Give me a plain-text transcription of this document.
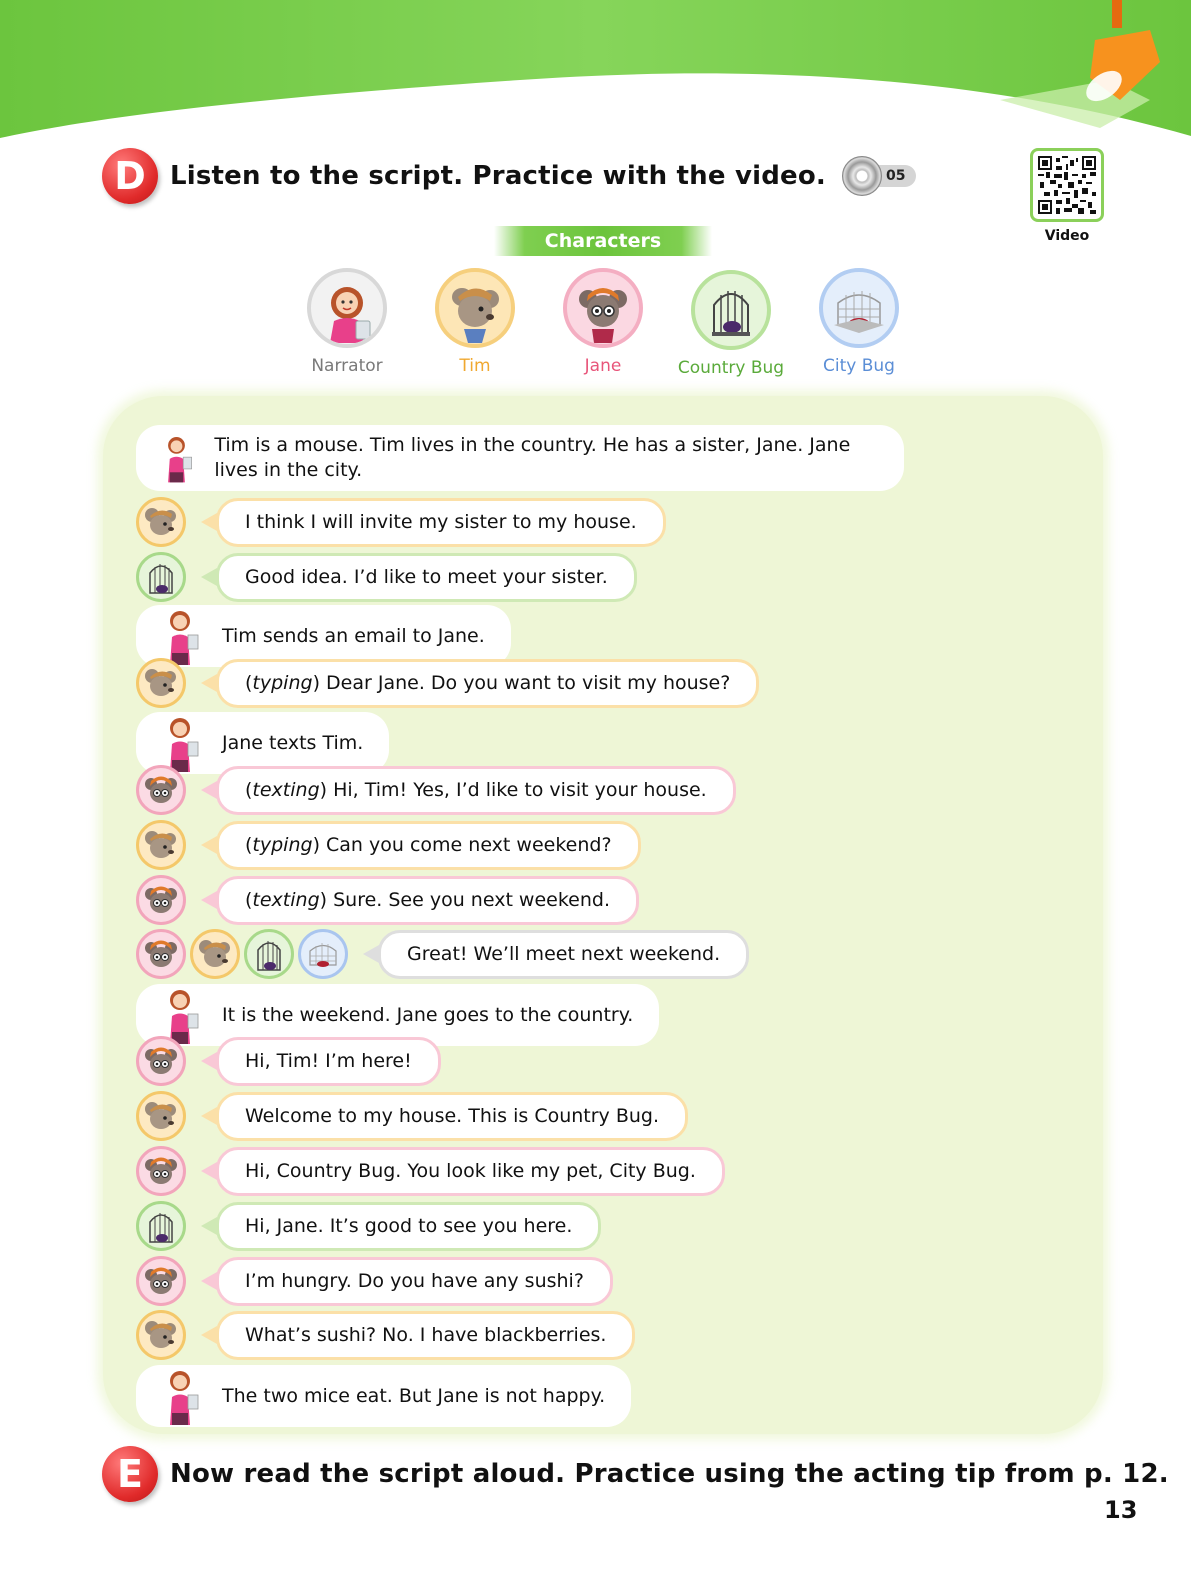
D Listen to the script. Practice with the video.	05
Video
Characters
Narrator	Tim	Jane	Country Bug	City Bug
Tim is a mouse. Tim lives in the country. He has a sister, Jane. Jane lives in the city.
I think I will invite my sister to my house.
Good idea. I’d like to meet your sister.
Tim sends an email to Jane.
(typing) Dear Jane. Do you want to visit my house?
Jane texts Tim.
(texting) Hi, Tim! Yes, I’d like to visit your house.
(typing) Can you come next weekend?
(texting) Sure. See you next weekend.
Great! We’ll meet next weekend.
It is the weekend. Jane goes to the country.
Hi, Tim! I’m here!
Welcome to my house. This is Country Bug.
Hi, Country Bug. You look like my pet, City Bug.
Hi, Jane. It’s good to see you here.
I’m hungry. Do you have any sushi?
What’s sushi? No. I have blackberries.
The two mice eat. But Jane is not happy.
E	Now read the script aloud. Practice using the acting tip from p. 12.
13
